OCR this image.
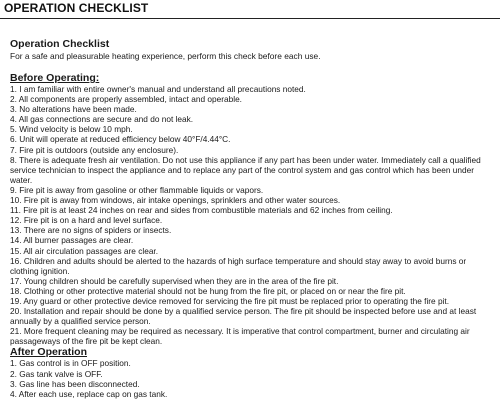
OPERATION CHECKLIST

Operation Checklist

For a safe and pleasurable heating experience, perform this check before each use.

Before Operating:

1. I am familiar with entire owner's manual and understand all precautions noted.
2. All components are properly assembled, intact and operable.
3. No alterations have been made.
4. All gas connections are secure and do not leak.
5. Wind velocity is below 10 mph.
6. Unit will operate at reduced efficiency below 40°F/4.44°C.
7. Fire pit is outdoors (outside any enclosure).
8. There is adequate fresh air ventilation. Do not use this appliance if any part has been under water. Immediately call a qualified service technician to inspect the appliance and to replace any part of the control system and gas control which has been under water.
9. Fire pit is away from gasoline or other flammable liquids or vapors.
10. Fire pit is away from windows, air intake openings, sprinklers and other water sources.
11. Fire pit is at least 24 inches on rear and sides from combustible materials and 62 inches from ceiling.
12. Fire pit is on a hard and level surface.
13. There are no signs of spiders or insects.
14. All burner passages are clear.
15. All air circulation passages are clear.
16. Children and adults should be alerted to the hazards of high surface temperature and should stay away to avoid burns or clothing ignition.
17. Young children should be carefully supervised when they are in the area of the fire pit.
18. Clothing or other protective material should not be hung from the fire pit, or placed on or near the fire pit.
19. Any guard or other protective device removed for servicing the fire pit must be replaced prior to operating the fire pit.
20. Installation and repair should be done by a qualified service person. The fire pit should be inspected before use and at least annually by a qualified service person.
21. More frequent cleaning may be required as necessary. It is imperative that control compartment, burner and circulating air passageways of the fire pit be kept clean.

After Operation

1. Gas control is in OFF position.
2. Gas tank valve is OFF.
3. Gas line has been disconnected.
4. After each use, replace cap on gas tank.
